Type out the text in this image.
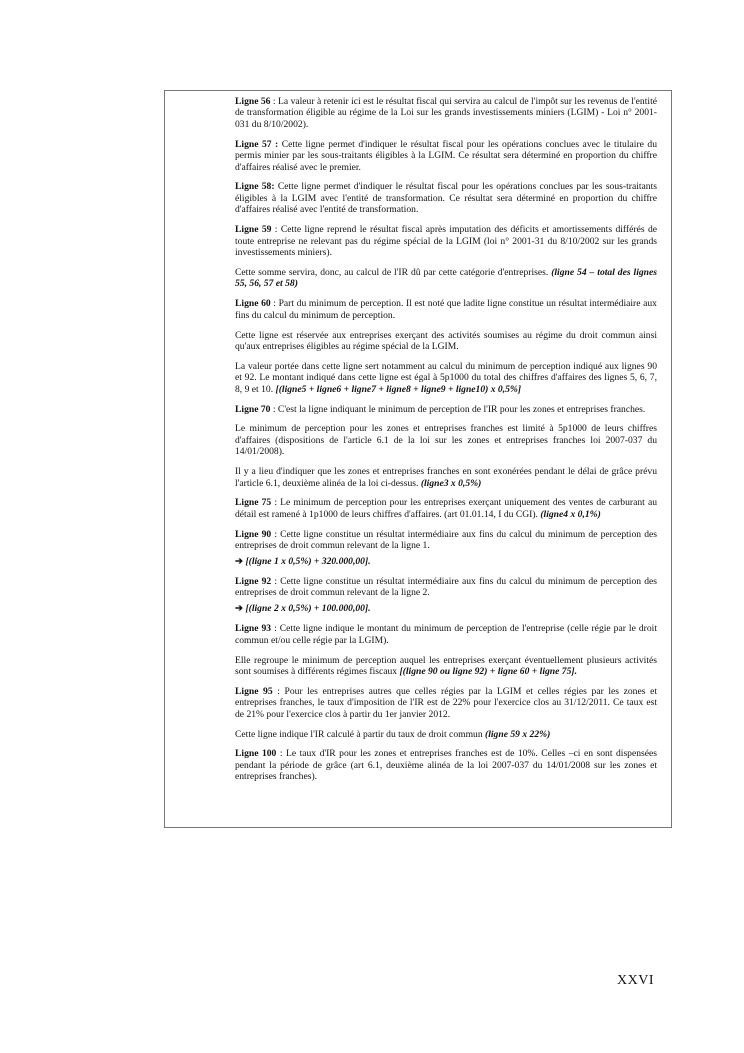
Ligne 56 : La valeur à retenir ici est le résultat fiscal qui servira au calcul de l'impôt sur les revenus de l'entité de transformation éligible au régime de la Loi sur les grands investissements miniers (LGIM) - Loi n° 2001-031 du 8/10/2002).

Ligne 57 : Cette ligne permet d'indiquer le résultat fiscal pour les opérations conclues avec le titulaire du permis minier par les sous-traitants éligibles à la LGIM. Ce résultat sera déterminé en proportion du chiffre d'affaires réalisé avec le premier.

Ligne 58: Cette ligne permet d'indiquer le résultat fiscal pour les opérations conclues par les sous-traitants éligibles à la LGIM avec l'entité de transformation. Ce résultat sera déterminé en proportion du chiffre d'affaires réalisé avec l'entité de transformation.

Ligne 59 : Cette ligne reprend le résultat fiscal après imputation des déficits et amortissements différés de toute entreprise ne relevant pas du régime spécial de la LGIM (loi n° 2001-31 du 8/10/2002 sur les grands investissements miniers).

Cette somme servira, donc, au calcul de l'IR dû par cette catégorie d'entreprises. (ligne 54 – total des lignes 55, 56, 57 et 58)

Ligne 60 : Part du minimum de perception. Il est noté que ladite ligne constitue un résultat intermédiaire aux fins du calcul du minimum de perception.

Cette ligne est réservée aux entreprises exerçant des activités soumises au régime du droit commun ainsi qu'aux entreprises éligibles au régime spécial de la LGIM.

La valeur portée dans cette ligne sert notamment au calcul du minimum de perception indiqué aux lignes 90 et 92. Le montant indiqué dans cette ligne est égal à 5p1000 du total des chiffres d'affaires des lignes 5, 6, 7, 8, 9 et 10. [(ligne5 + ligne6 + ligne7 + ligne8 + ligne9 + ligne10) x 0,5%]

Ligne 70 : C'est la ligne indiquant le minimum de perception de l'IR pour les zones et entreprises franches.

Le minimum de perception pour les zones et entreprises franches est limité à 5p1000 de leurs chiffres d'affaires (dispositions de l'article 6.1 de la loi sur les zones et entreprises franches loi 2007-037 du 14/01/2008).

Il y a lieu d'indiquer que les zones et entreprises franches en sont exonérées pendant le délai de grâce prévu l'article 6.1, deuxième alinéa de la loi ci-dessus. (ligne3 x 0,5%)

Ligne 75 : Le minimum de perception pour les entreprises exerçant uniquement des ventes de carburant au détail est ramené à 1p1000 de leurs chiffres d'affaires. (art 01.01.14, I du CGI). (ligne4 x 0,1%)

Ligne 90 : Cette ligne constitue un résultat intermédiaire aux fins du calcul du minimum de perception des entreprises de droit commun relevant de la ligne 1.

➔ [(ligne 1 x 0,5%) + 320.000,00].

Ligne 92 : Cette ligne constitue un résultat intermédiaire aux fins du calcul du minimum de perception des entreprises de droit commun relevant de la ligne 2.

➔ [(ligne 2 x 0,5%) + 100.000,00].

Ligne 93 : Cette ligne indique le montant du minimum de perception de l'entreprise (celle régie par le droit commun et/ou celle régie par la LGIM).

Elle regroupe le minimum de perception auquel les entreprises exerçant éventuellement plusieurs activités sont soumises à différents régimes fiscaux [(ligne 90 ou ligne 92) + ligne 60 + ligne 75].

Ligne 95 : Pour les entreprises autres que celles régies par la LGIM et celles régies par les zones et entreprises franches, le taux d'imposition de l'IR est de 22% pour l'exercice clos au 31/12/2011. Ce taux est de 21% pour l'exercice clos à partir du 1er janvier 2012.

Cette ligne indique l'IR calculé à partir du taux de droit commun (ligne 59 x 22%)

Ligne 100 : Le taux d'IR pour les zones et entreprises franches est de 10%. Celles –ci en sont dispensées pendant la période de grâce (art 6.1, deuxième alinéa de la loi 2007-037 du 14/01/2008 sur les zones et entreprises franches).

XXVI
